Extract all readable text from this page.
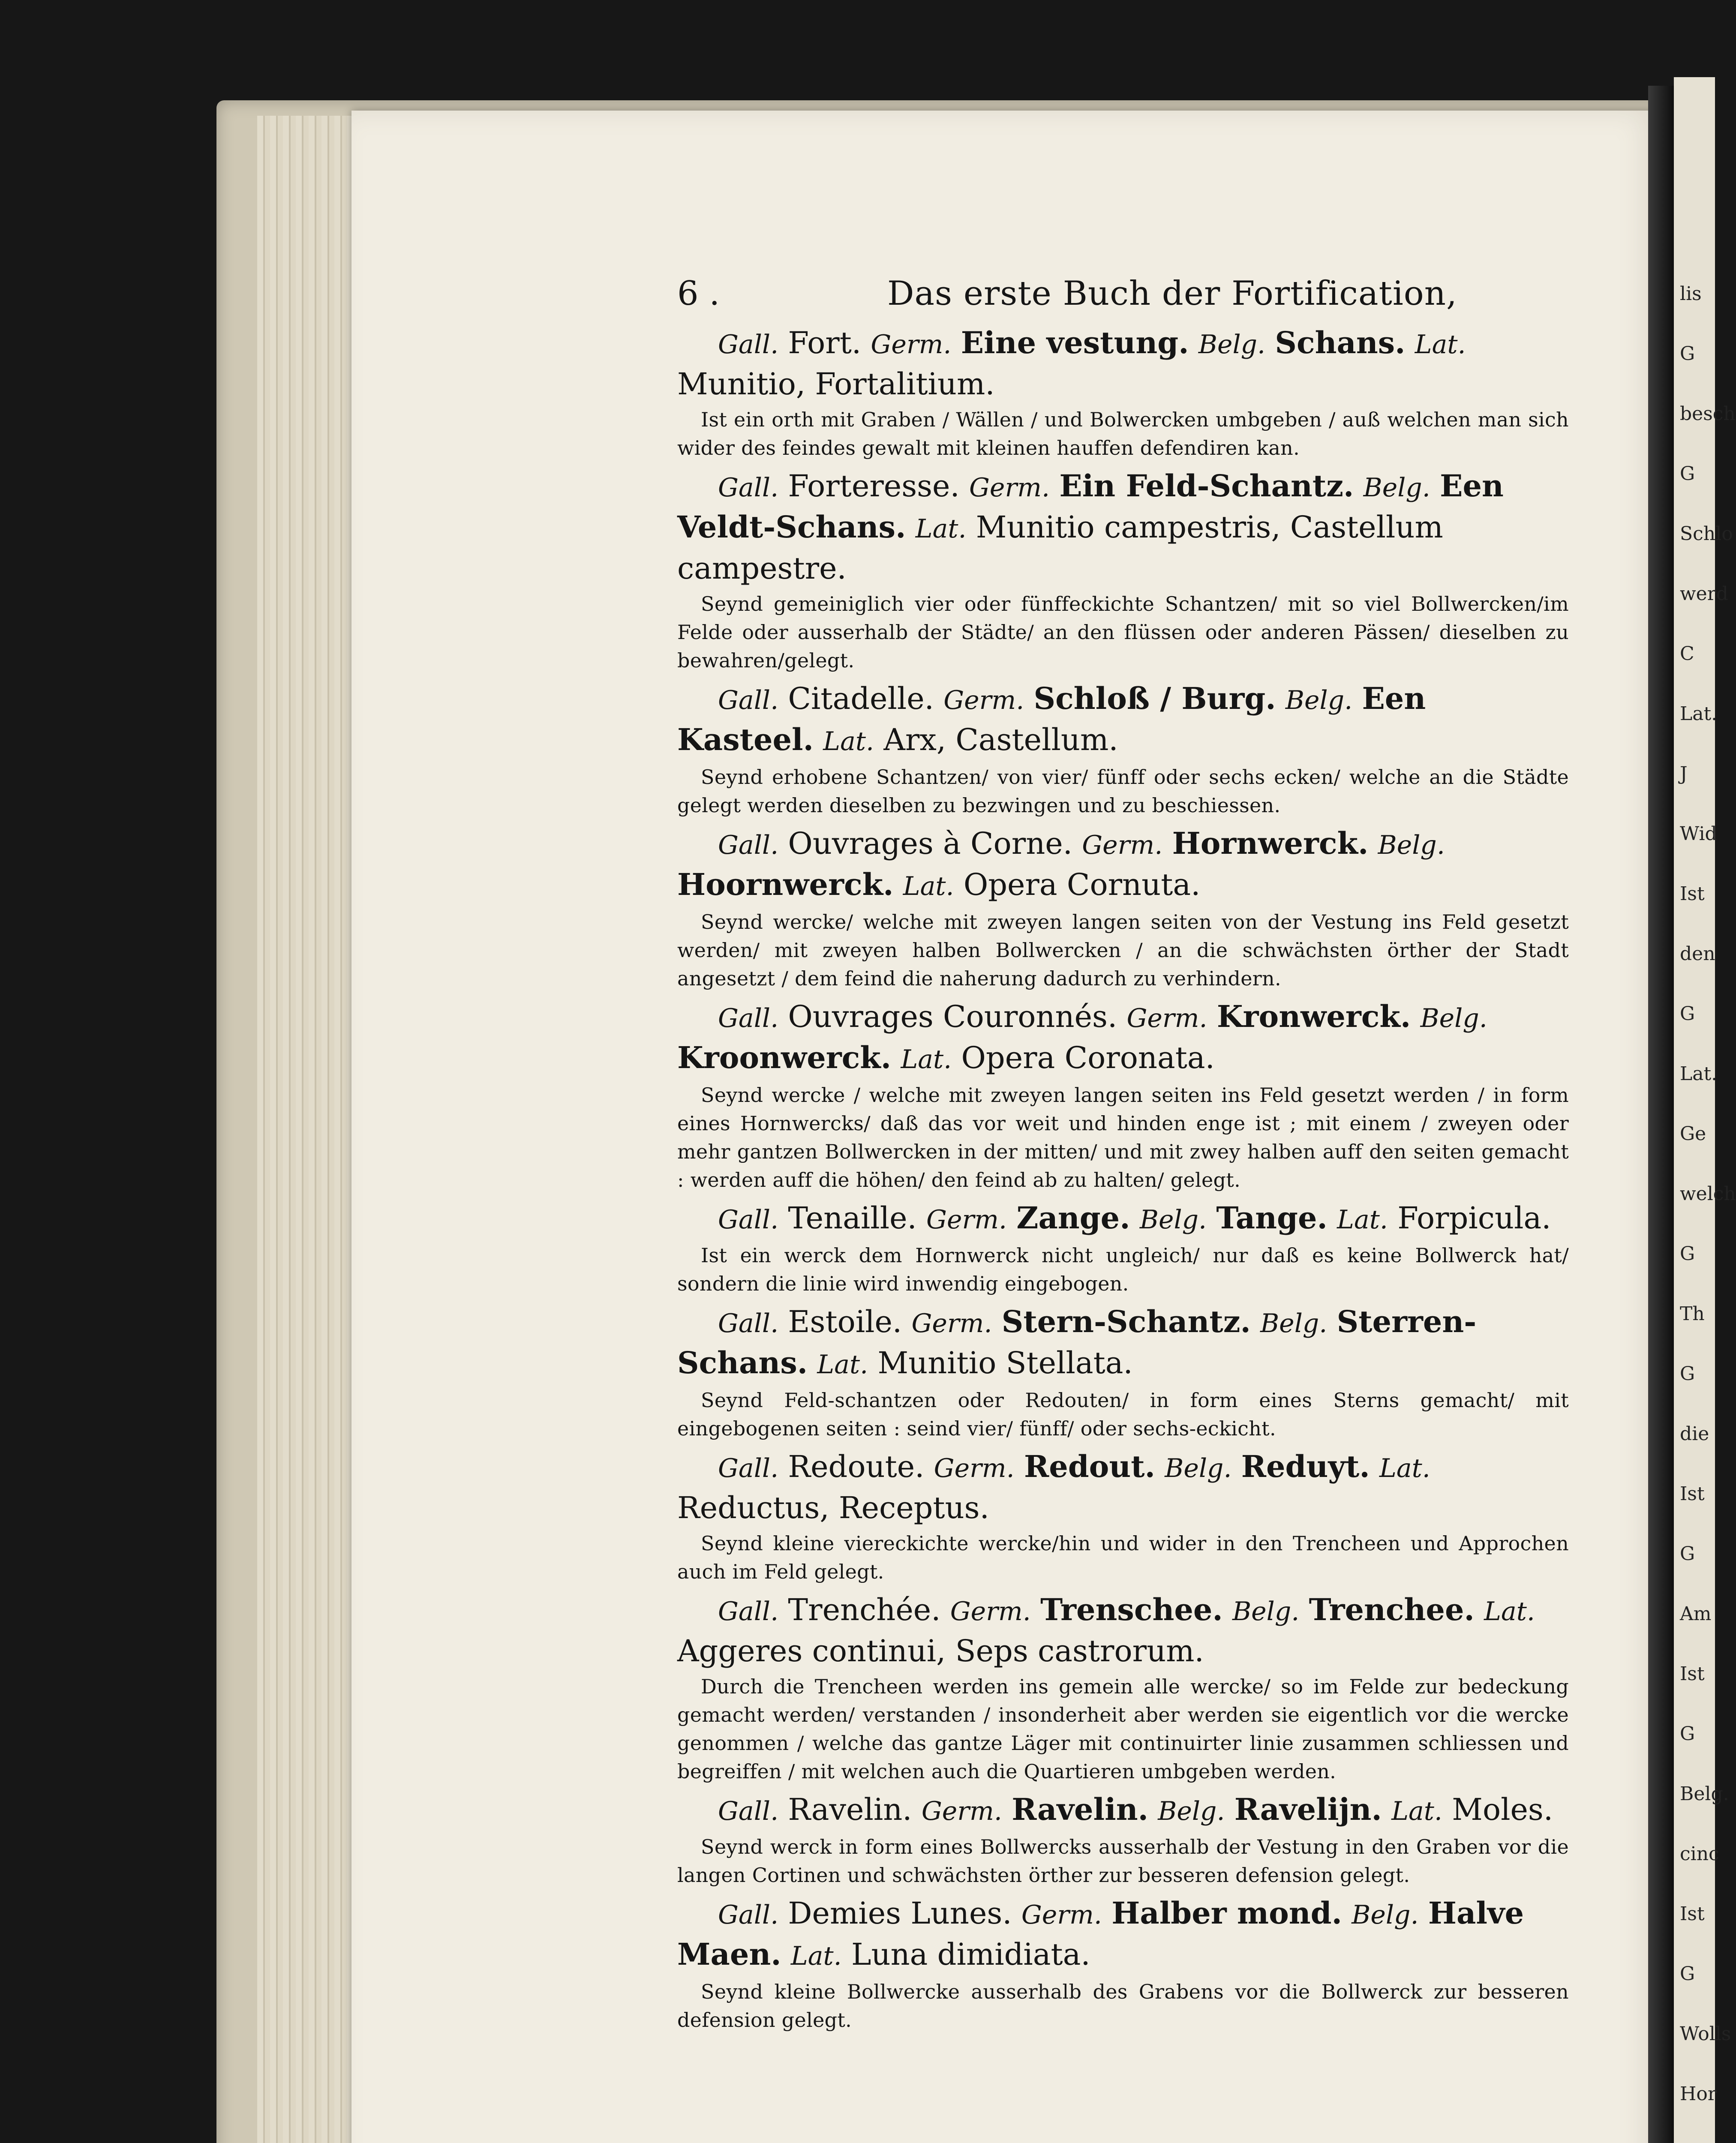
lis
G
besch
G
Schlo
werd
C
Lat.
J
Wid
Ist
den
G
Lat.
Ge
welch
G
Th
G
die
Ist
G
Am
Ist
G
Belg.
cinc
Ist
G
Wolls
Hor
6 .	Das erste Buch der Fortification,

Gall. Fort. Germ. Eine vestung. Belg. Schans. Lat. Munitio, Fortalitium.

Ist ein orth mit Graben / Wällen / und Bolwercken umbgeben / auß welchen man sich wider des feindes gewalt mit kleinen hauffen defendiren kan.

Gall. Forteresse. Germ. Ein Feld-Schantz. Belg. Een Veldt-Schans. Lat. Munitio campestris, Castellum campestre.

Seynd gemeiniglich vier oder fünffeckichte Schantzen/ mit so viel Bollwercken/im Felde oder ausserhalb der Städte/ an den flüssen oder anderen Pässen/ dieselben zu bewahren/gelegt.

Gall. Citadelle. Germ. Schloß / Burg. Belg. Een Kasteel. Lat. Arx, Castellum.

Seynd erhobene Schantzen/ von vier/ fünff oder sechs ecken/ welche an die Städte gelegt werden dieselben zu bezwingen und zu beschiessen.

Gall. Ouvrages à Corne. Germ. Hornwerck. Belg. Hoornwerck. Lat. Opera Cornuta.

Seynd wercke/ welche mit zweyen langen seiten von der Vestung ins Feld gesetzt werden/ mit zweyen halben Bollwercken / an die schwächsten örther der Stadt angesetzt / dem feind die naherung dadurch zu verhindern.

Gall. Ouvrages Couronnés. Germ. Kronwerck. Belg. Kroonwerck. Lat. Opera Coronata.

Seynd wercke / welche mit zweyen langen seiten ins Feld gesetzt werden / in form eines Hornwercks/ daß das vor weit und hinden enge ist ; mit einem / zweyen oder mehr gantzen Bollwercken in der mitten/ und mit zwey halben auff den seiten gemacht : werden auff die höhen/ den feind ab zu halten/ gelegt.

Gall. Tenaille. Germ. Zange. Belg. Tange. Lat. Forpicula.

Ist ein werck dem Hornwerck nicht ungleich/ nur daß es keine Bollwerck hat/ sondern die linie wird inwendig eingebogen.

Gall. Estoile. Germ. Stern-Schantz. Belg. Sterren-Schans. Lat. Munitio Stellata.

Seynd Feld-schantzen oder Redouten/ in form eines Sterns gemacht/ mit eingebogenen seiten : seind vier/ fünff/ oder sechs-eckicht.

Gall. Redoute. Germ. Redout. Belg. Reduyt. Lat. Reductus, Receptus.

Seynd kleine viereckichte wercke/hin und wider in den Trencheen und Approchen auch im Feld gelegt.

Gall. Trenchée. Germ. Trenschee. Belg. Trenchee. Lat. Aggeres continui, Seps castrorum.

Durch die Trencheen werden ins gemein alle wercke/ so im Felde zur bedeckung gemacht werden/ verstanden / insonderheit aber werden sie eigentlich vor die wercke genommen / welche das gantze Läger mit continuirter linie zusammen schliessen und begreiffen / mit welchen auch die Quartieren umbgeben werden.

Gall. Ravelin. Germ. Ravelin. Belg. Ravelijn. Lat. Moles.

Seynd werck in form eines Bollwercks ausserhalb der Vestung in den Graben vor die langen Cortinen und schwächsten örther zur besseren defension gelegt.

Gall. Demies Lunes. Germ. Halber mond. Belg. Halve Maen. Lat. Luna dimidiata.

Seynd kleine Bollwercke ausserhalb des Grabens vor die Bollwerck zur besseren defension gelegt.
